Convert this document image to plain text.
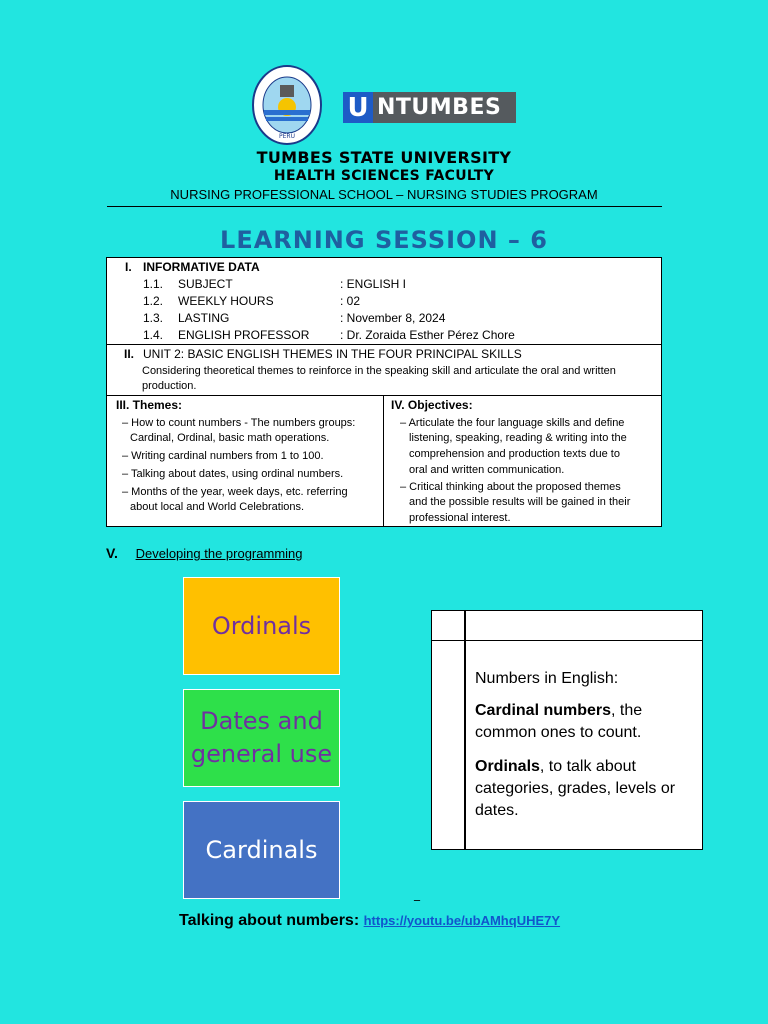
PERÚ
U NTUMBES
TUMBES STATE UNIVERSITY
HEALTH SCIENCES FACULTY
NURSING PROFESSIONAL SCHOOL – NURSING STUDIES PROGRAM
LEARNING SESSION – 6
I. INFORMATIVE DATA
1.1. SUBJECT	: ENGLISH I
1.2. WEEKLY HOURS	: 02
1.3. LASTING	: November 8, 2024
1.4. ENGLISH PROFESSOR	: Dr. Zoraida Esther Pérez Chore
II. UNIT 2: BASIC ENGLISH THEMES IN THE FOUR PRINCIPAL SKILLS
Considering theoretical themes to reinforce in the speaking skill and articulate the oral and written
production.
III. Themes:
– How to count numbers - The numbers groups:
Cardinal, Ordinal, basic math operations.
– Writing cardinal numbers from 1 to 100.
– Talking about dates, using ordinal numbers.
– Months of the year, week days, etc. referring
about local and World Celebrations.
IV. Objectives:
– Articulate the four language skills and define
listening, speaking, reading & writing into the
comprehension and production texts due to
oral and written communication.
– Critical thinking about the proposed themes
and the possible results will be gained in their
professional interest.
V. Developing the programming
Ordinals
Dates and
general use
Cardinals
Numbers in English:
Cardinal numbers, the
common ones to count.
Ordinals, to talk about
categories, grades, levels or
dates.
_
Talking about numbers: https://youtu.be/ubAMhqUHE7Y
